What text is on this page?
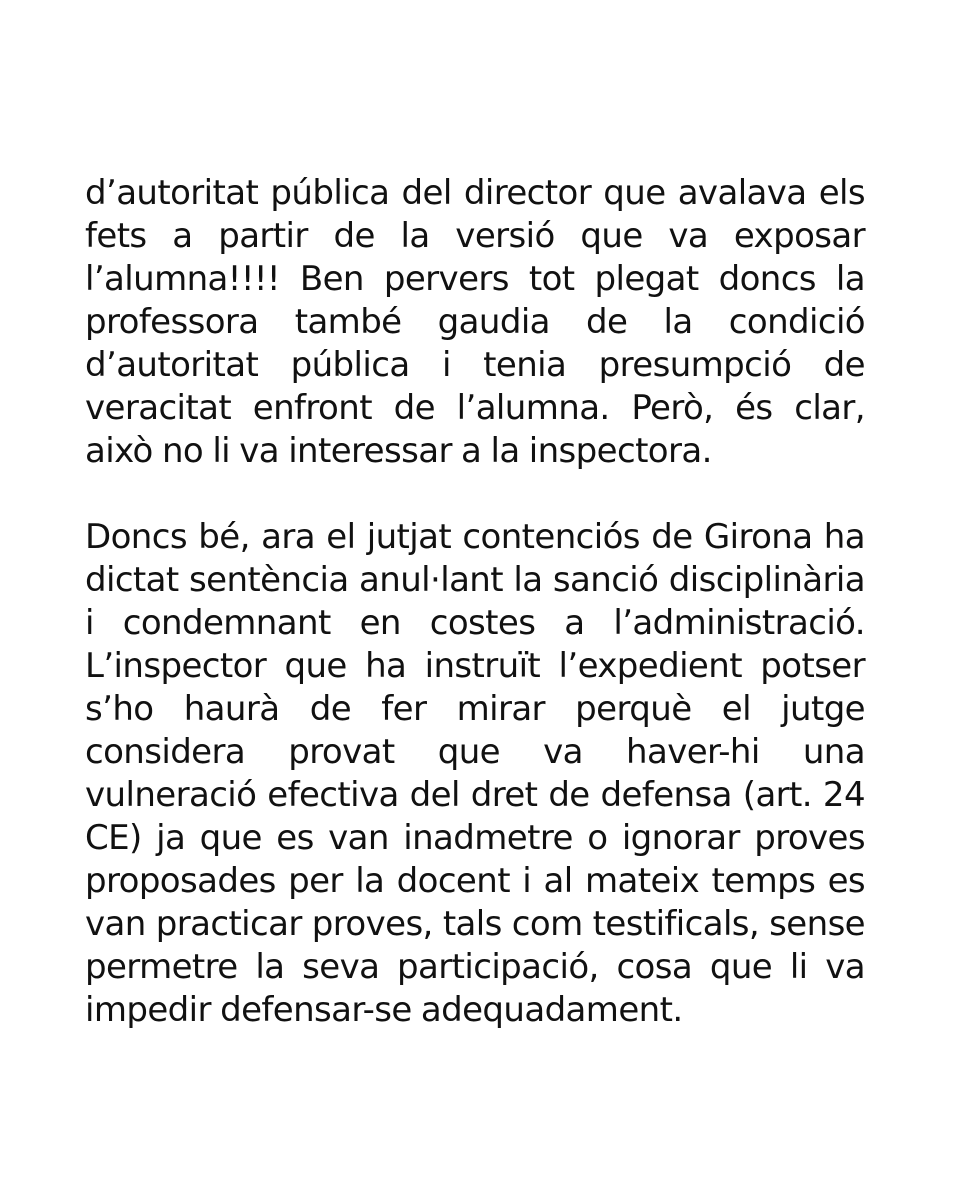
d’autoritat pública del director que avalava els fets a partir de la versió que va exposar l’alumna!!!! Ben pervers tot plegat doncs la professora també gaudia de la condició d’autoritat pública i tenia presumpció de veracitat enfront de l’alumna. Però, és clar, això no li va interessar a la inspectora.

Doncs bé, ara el jutjat contenciós de Girona ha dictat sentència anul·lant la sanció disciplinària i condemnant en costes a l’administració. L’inspector que ha instruït l’expedient potser s’ho haurà de fer mirar perquè el jutge considera provat que va haver-hi una vulneració efectiva del dret de defensa (art. 24 CE) ja que es van inadmetre o ignorar proves proposades per la docent i al mateix temps es van practicar proves, tals com testificals, sense permetre la seva participació, cosa que li va impedir defensar-se adequadament.
